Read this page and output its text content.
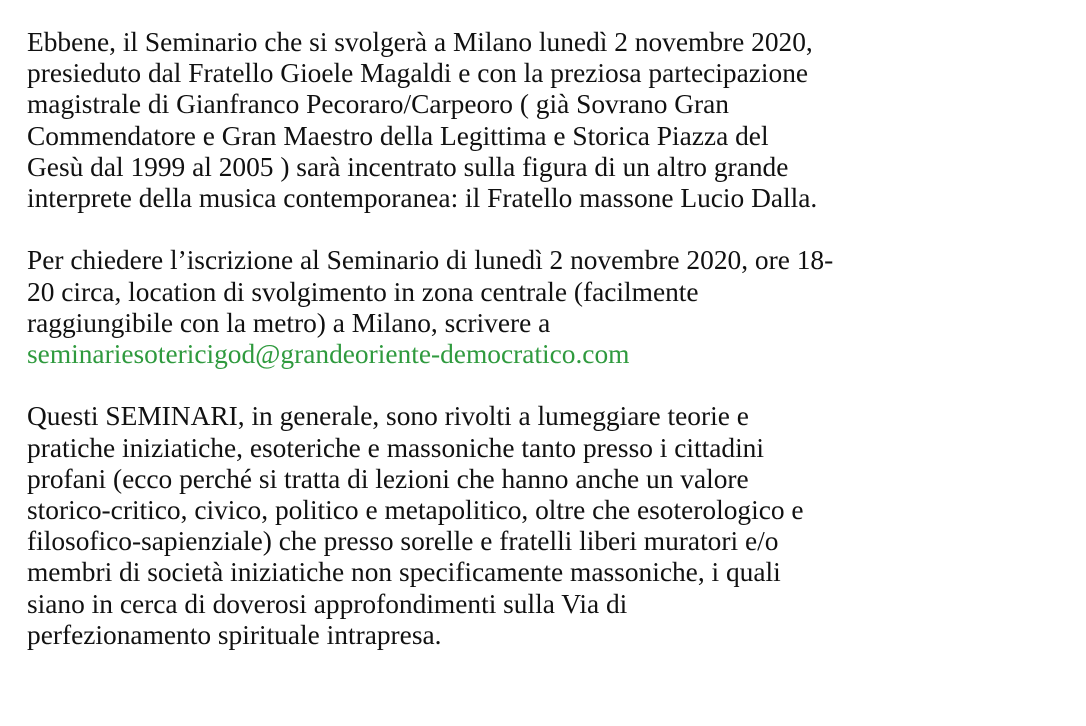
Ebbene, il Seminario che si svolgerà a Milano lunedì 2 novembre 2020,
presieduto dal Fratello Gioele Magaldi e con la preziosa partecipazione
magistrale di Gianfranco Pecoraro/Carpeoro ( già Sovrano Gran
Commendatore e Gran Maestro della Legittima e Storica Piazza del
Gesù dal 1999 al 2005 ) sarà incentrato sulla figura di un altro grande
interprete della musica contemporanea: il Fratello massone Lucio Dalla.

Per chiedere l’iscrizione al Seminario di lunedì 2 novembre 2020, ore 18-
20 circa, location di svolgimento in zona centrale (facilmente
raggiungibile con la metro) a Milano, scrivere a
seminariesotericigod@grandeoriente-democratico.com

Questi SEMINARI, in generale, sono rivolti a lumeggiare teorie e
pratiche iniziatiche, esoteriche e massoniche tanto presso i cittadini
profani (ecco perché si tratta di lezioni che hanno anche un valore
storico-critico, civico, politico e metapolitico, oltre che esoterologico e
filosofico-sapienziale) che presso sorelle e fratelli liberi muratori e/o
membri di società iniziatiche non specificamente massoniche, i quali
siano in cerca di doverosi approfondimenti sulla Via di
perfezionamento spirituale intrapresa.
